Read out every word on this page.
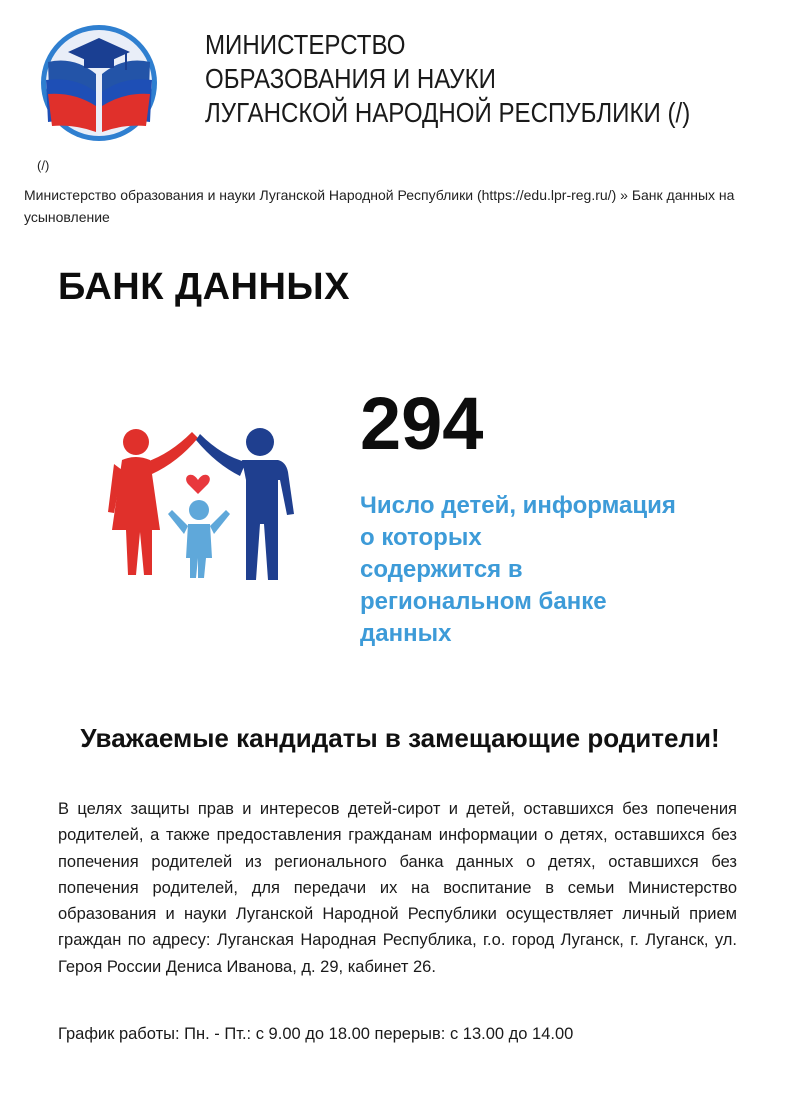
МИНИСТЕРСТВО
ОБРАЗОВАНИЯ И НАУКИ
ЛУГАНСКОЙ НАРОДНОЙ РЕСПУБЛИКИ (/)
(/)
Министерство образования и науки Луганской Народной Республики (https://edu.lpr-reg.ru/) » Банк данных на усыновление
БАНК ДАННЫХ
294
Число детей, информация
о которых
содержится в
региональном банке
данных
Уважаемые кандидаты в замещающие родители!

В целях защиты прав и интересов детей-сирот и детей, оставшихся без попечения родителей, а также предоставления гражданам информации о детях, оставшихся без попечения родителей из регионального банка данных о детях, оставшихся без попечения родителей, для передачи их на воспитание в семьи Министерство образования и науки Луганской Народной Республики осуществляет личный прием граждан по адресу: Луганская Народная Республика, г.о. город Луганск, г. Луганск, ул. Героя России Дениса Иванова, д. 29, кабинет 26.

График работы: Пн. - Пт.: с 9.00 до 18.00 перерыв: с 13.00 до 14.00
